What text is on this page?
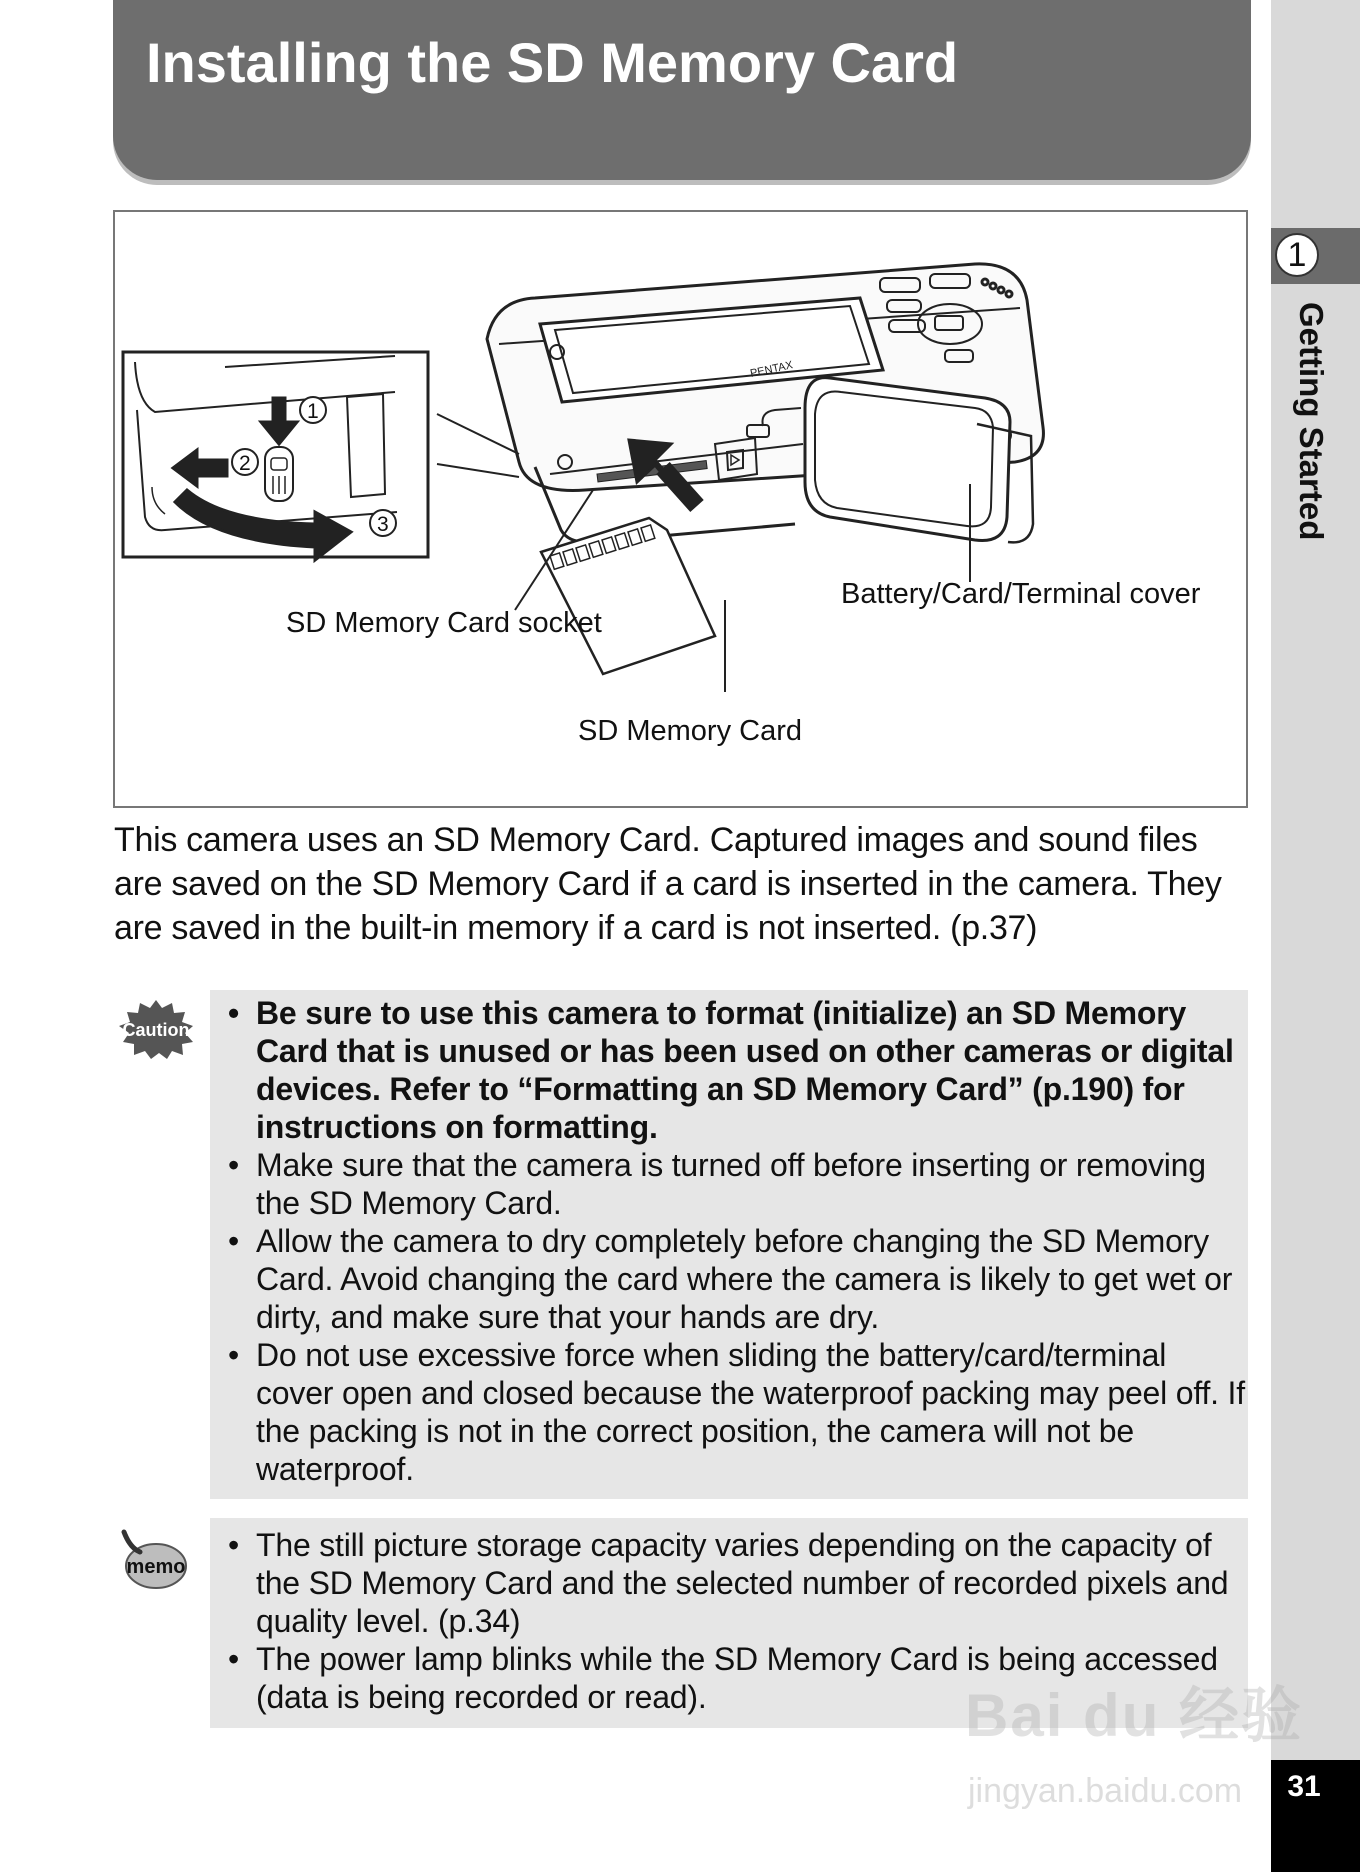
1
Getting Started
31
Installing the SD Memory Card
PENTAX
1
2
3
SD Memory Card socket
Battery/Card/Terminal cover
SD Memory Card
This camera uses an SD Memory Card. Captured images and sound files are saved on the SD Memory Card if a card is inserted in the camera. They are saved in the built-in memory if a card is not inserted. (p.37)
Caution • Be sure to use this camera to format (initialize) an SD Memory Card that is unused or has been used on other cameras or digital devices. Refer to “Formatting an SD Memory Card” (p.190) for instructions on formatting.
• Make sure that the camera is turned off before inserting or removing the SD Memory Card.
• Allow the camera to dry completely before changing the SD Memory Card. Avoid changing the card where the camera is likely to get wet or dirty, and make sure that your hands are dry.
• Do not use excessive force when sliding the battery/card/terminal cover open and closed because the waterproof packing may peel off. If the packing is not in the correct position, the camera will not be waterproof.
memo
• The still picture storage capacity varies depending on the capacity of the SD Memory Card and the selected number of recorded pixels and quality level. (p.34)
• The power lamp blinks while the SD Memory Card is being accessed (data is being recorded or read).	Bai du 经验
jingyan.baidu.com
